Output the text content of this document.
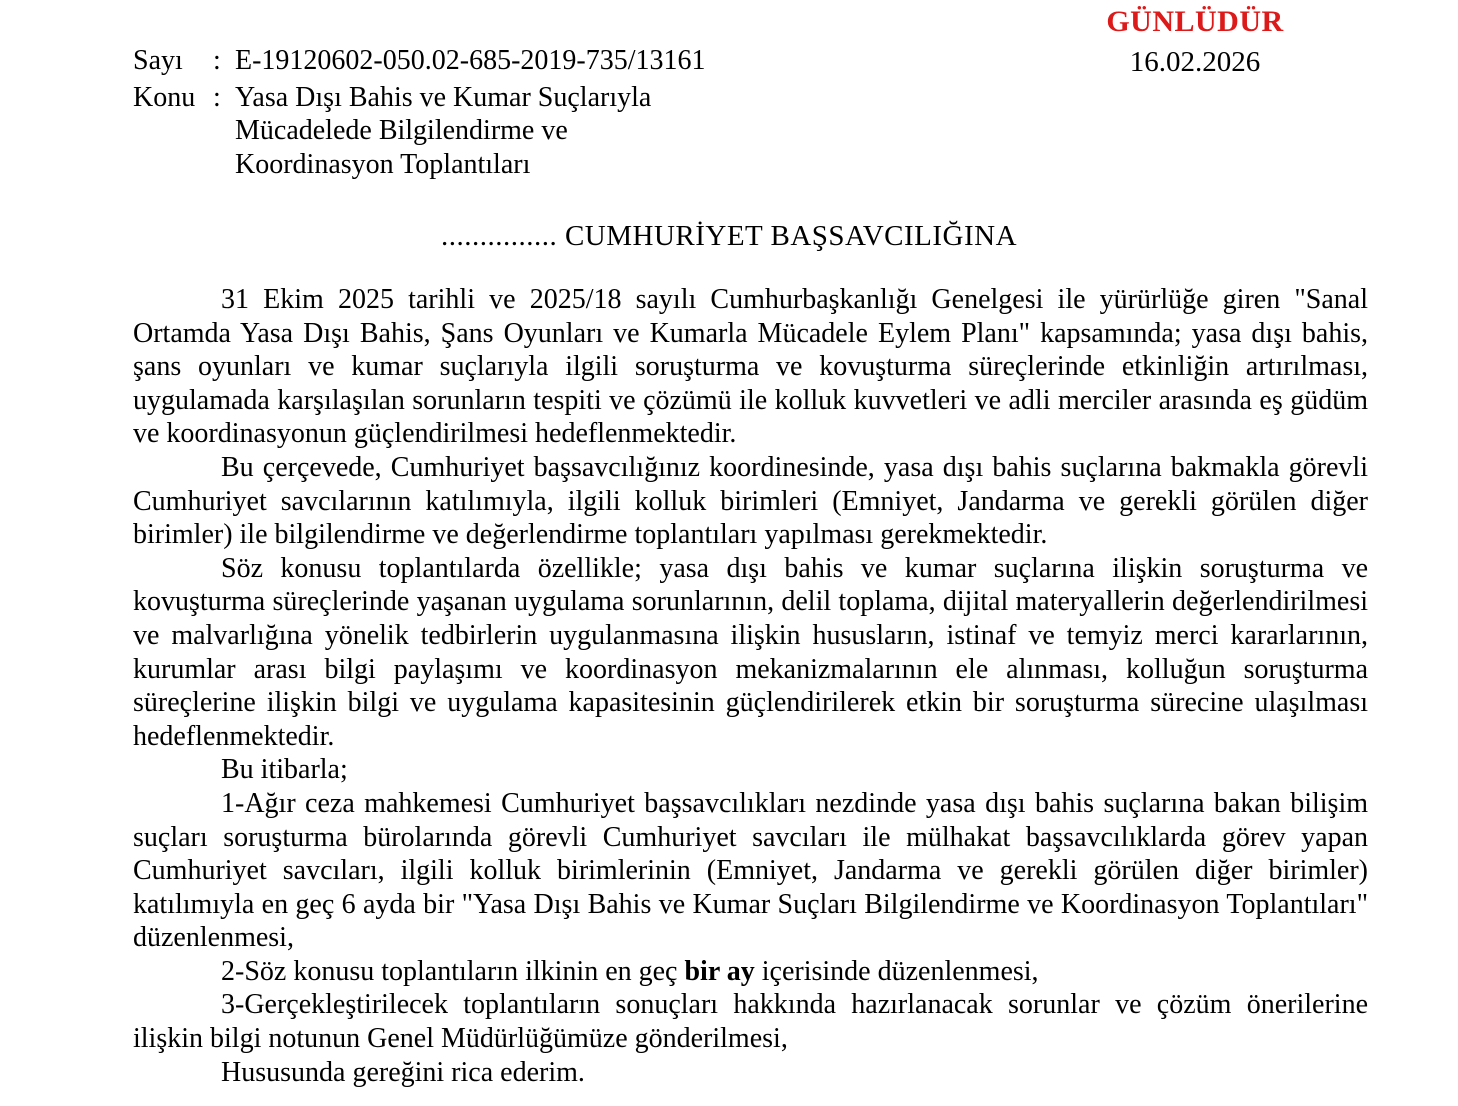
GÜNLÜDÜR
16.02.2026
Sayı	: E-19120602-050.02-685-2019-735/13161
Konu : Yasa Dışı Bahis ve Kumar Suçlarıyla
Mücadelede Bilgilendirme ve
Koordinasyon Toplantıları
............... CUMHURİYET BAŞSAVCILIĞINA

31 Ekim 2025 tarihli ve 2025/18 sayılı Cumhurbaşkanlığı Genelgesi ile yürürlüğe giren "Sanal Ortamda Yasa Dışı Bahis, Şans Oyunları ve Kumarla Mücadele Eylem Planı" kapsamında; yasa dışı bahis, şans oyunları ve kumar suçlarıyla ilgili soruşturma ve kovuşturma süreçlerinde etkinliğin artırılması, uygulamada karşılaşılan sorunların tespiti ve çözümü ile kolluk kuvvetleri ve adli merciler arasında eş güdüm ve koordinasyonun güçlendirilmesi hedeflenmektedir.

Bu çerçevede, Cumhuriyet başsavcılığınız koordinesinde, yasa dışı bahis suçlarına bakmakla görevli Cumhuriyet savcılarının katılımıyla, ilgili kolluk birimleri (Emniyet, Jandarma ve gerekli görülen diğer birimler) ile bilgilendirme ve değerlendirme toplantıları yapılması gerekmektedir.

Söz konusu toplantılarda özellikle; yasa dışı bahis ve kumar suçlarına ilişkin soruşturma ve kovuşturma süreçlerinde yaşanan uygulama sorunlarının, delil toplama, dijital materyallerin değerlendirilmesi ve malvarlığına yönelik tedbirlerin uygulanmasına ilişkin hususların, istinaf ve temyiz merci kararlarının, kurumlar arası bilgi paylaşımı ve koordinasyon mekanizmalarının ele alınması, kolluğun soruşturma süreçlerine ilişkin bilgi ve uygulama kapasitesinin güçlendirilerek etkin bir soruşturma sürecine ulaşılması hedeflenmektedir.

Bu itibarla;

1-Ağır ceza mahkemesi Cumhuriyet başsavcılıkları nezdinde yasa dışı bahis suçlarına bakan bilişim suçları soruşturma bürolarında görevli Cumhuriyet savcıları ile mülhakat başsavcılıklarda görev yapan Cumhuriyet savcıları, ilgili kolluk birimlerinin (Emniyet, Jandarma ve gerekli görülen diğer birimler) katılımıyla en geç 6 ayda bir "Yasa Dışı Bahis ve Kumar Suçları Bilgilendirme ve Koordinasyon Toplantıları" düzenlenmesi,

2-Söz konusu toplantıların ilkinin en geç bir ay içerisinde düzenlenmesi,

3-Gerçekleştirilecek toplantıların sonuçları hakkında hazırlanacak sorunlar ve çözüm önerilerine ilişkin bilgi notunun Genel Müdürlüğümüze gönderilmesi,

Hususunda gereğini rica ederim.
